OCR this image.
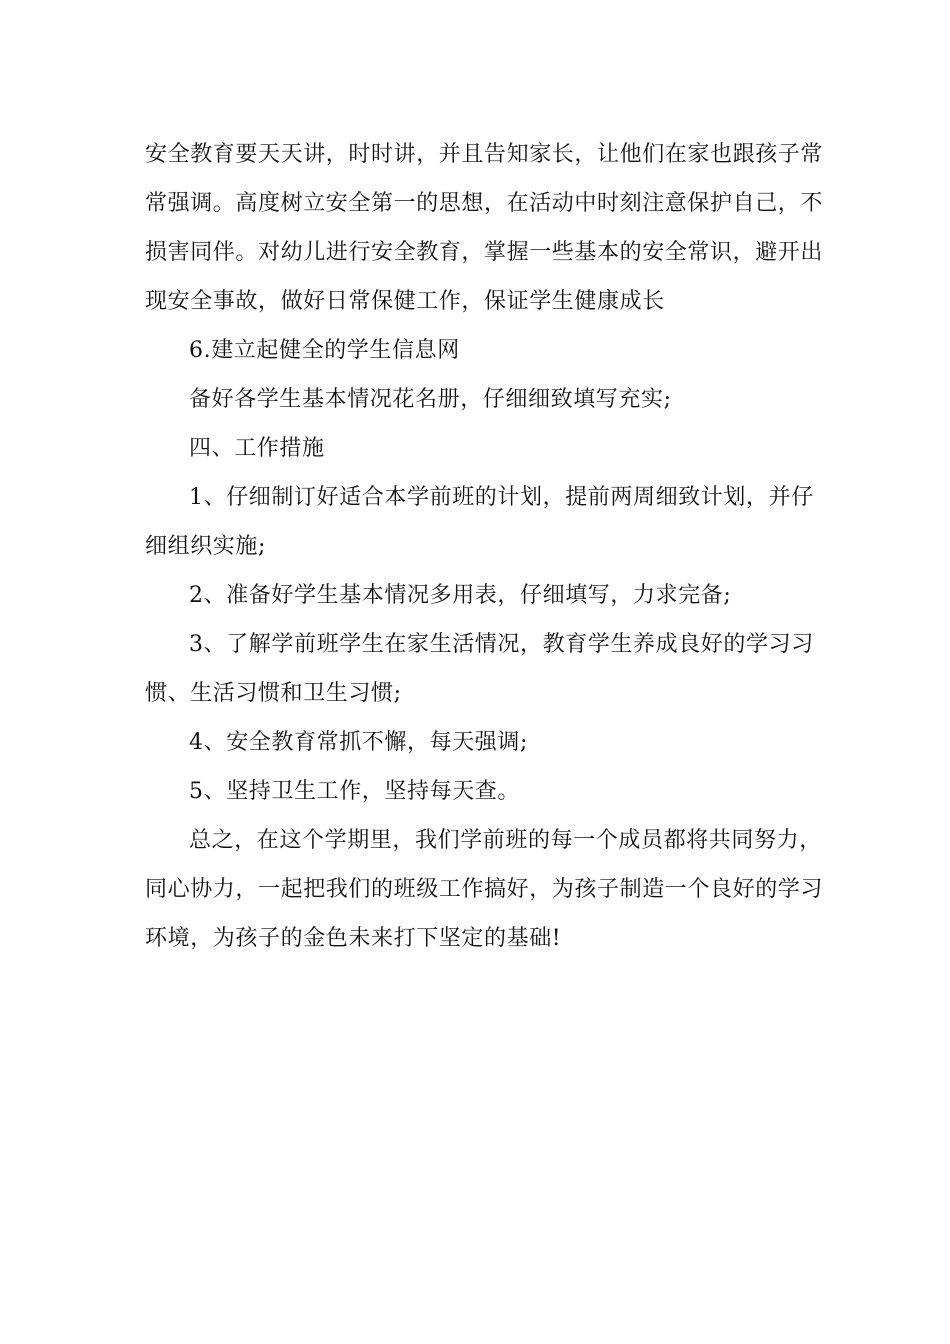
安全教育要天天讲，时时讲，并且告知家长，让他们在家也跟孩子常常强调。高度树立安全第一的思想，在活动中时刻注意保护自己，不损害同伴。对幼儿进行安全教育，掌握一些基本的安全常识，避开出现安全事故，做好日常保健工作，保证学生健康成长

6.建立起健全的学生信息网

备好各学生基本情况花名册，仔细细致填写充实;

四、工作措施

1、仔细制订好适合本学前班的计划，提前两周细致计划，并仔细组织实施;

2、准备好学生基本情况多用表，仔细填写，力求完备;

3、了解学前班学生在家生活情况，教育学生养成良好的学习习惯、生活习惯和卫生习惯;

4、安全教育常抓不懈，每天强调;

5、坚持卫生工作，坚持每天查。

总之，在这个学期里，我们学前班的每一个成员都将共同努力，同心协力，一起把我们的班级工作搞好，为孩子制造一个良好的学习环境，为孩子的金色未来打下坚定的基础!
